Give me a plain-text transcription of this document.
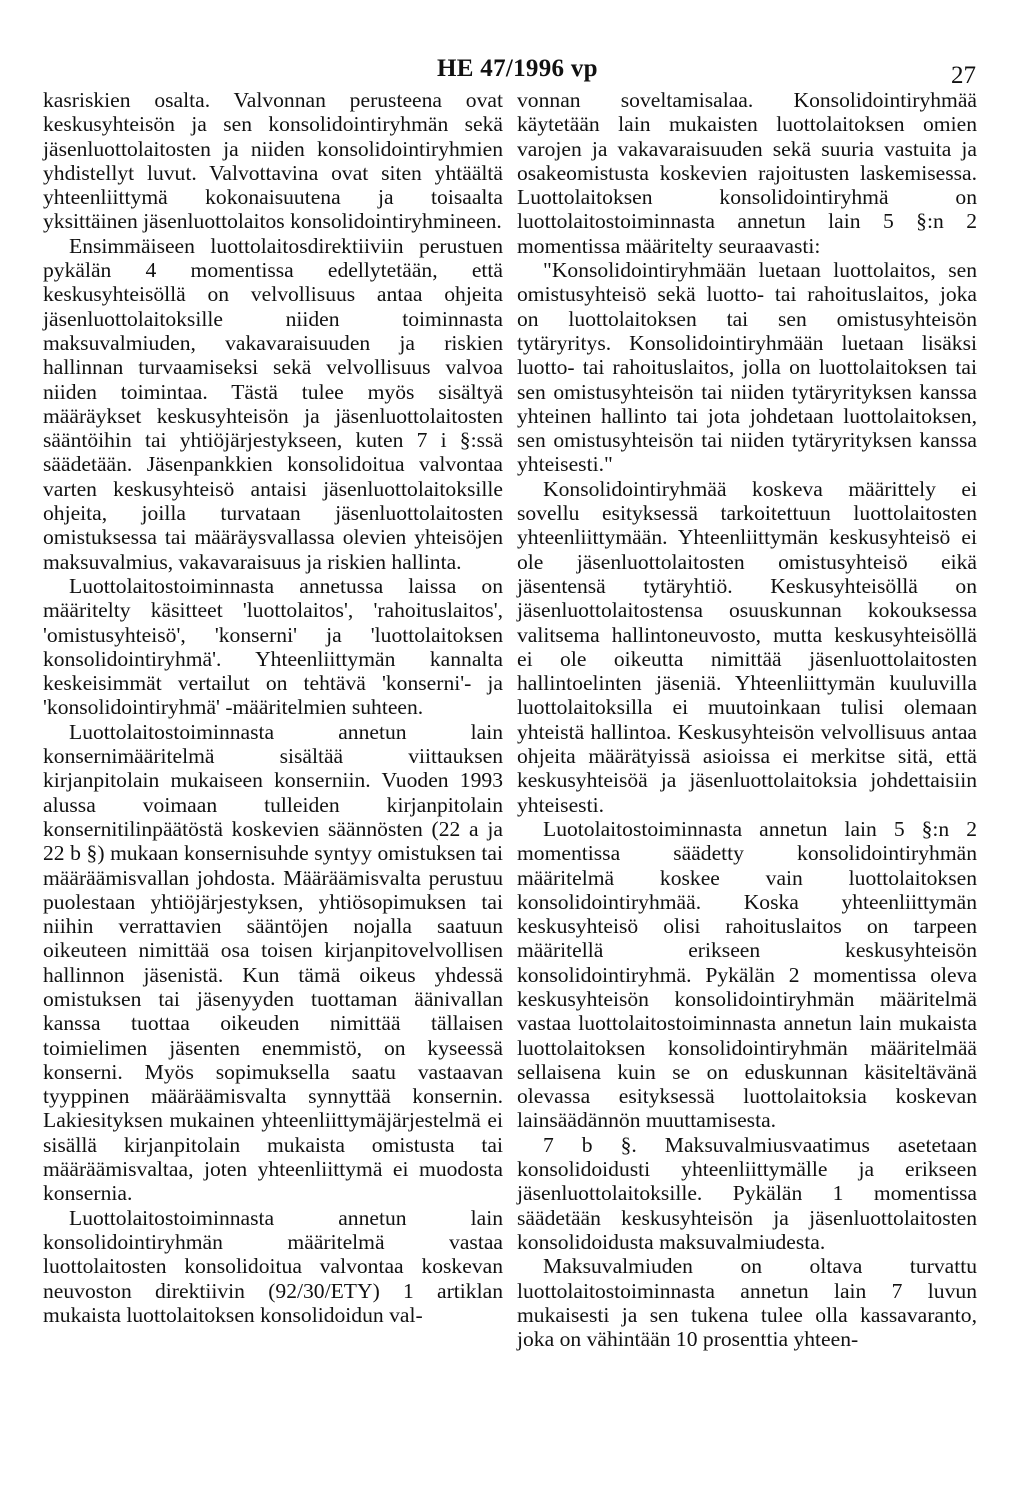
HE 47/1996 vp	27

kasriskien osalta. Valvonnan perusteena ovat keskusyhteisön ja sen konsolidointiryhmän sekä jäsenluottolaitosten ja niiden konsolidointiryhmien yhdistellyt luvut. Valvottavina ovat siten yhtäältä yhteenliittymä kokonaisuutena ja toisaalta yksittäinen jäsenluottolaitos konsolidointiryhmineen.

Ensimmäiseen luottolaitosdirektiiviin perustuen pykälän 4 momentissa edellytetään, että keskusyhteisöllä on velvollisuus antaa ohjeita jäsenluottolaitoksille niiden toiminnasta maksuvalmiuden, vakavaraisuuden ja riskien hallinnan turvaamiseksi sekä velvollisuus valvoa niiden toimintaa. Tästä tulee myös sisältyä määräykset keskusyhteisön ja jäsenluottolaitosten sääntöihin tai yhtiöjärjestykseen, kuten 7 i §:ssä säädetään. Jäsenpankkien konsolidoitua valvontaa varten keskusyhteisö antaisi jäsenluottolaitoksille ohjeita, joilla turvataan jäsenluottolaitosten omistuksessa tai määräysvallassa olevien yhteisöjen maksuvalmius, vakavaraisuus ja riskien hallinta.

Luottolaitostoiminnasta annetussa laissa on määritelty käsitteet 'luottolaitos', 'rahoituslaitos', 'omistusyhteisö', 'konserni' ja 'luottolaitoksen konsolidointiryhmä'. Yhteenliittymän kannalta keskeisimmät vertailut on tehtävä 'konserni'- ja 'konsolidointiryhmä' -määritelmien suhteen.

Luottolaitostoiminnasta annetun lain konsernimääritelmä sisältää viittauksen kirjanpitolain mukaiseen konserniin. Vuoden 1993 alussa voimaan tulleiden kirjanpitolain konsernitilinpäätöstä koskevien säännösten (22 a ja 22 b §) mukaan konsernisuhde syntyy omistuksen tai määräämisvallan johdosta. Määräämisvalta perustuu puolestaan yhtiöjärjestyksen, yhtiösopimuksen tai niihin verrattavien sääntöjen nojalla saatuun oikeuteen nimittää osa toisen kirjanpitovelvollisen hallinnon jäsenistä. Kun tämä oikeus yhdessä omistuksen tai jäsenyyden tuottaman äänivallan kanssa tuottaa oikeuden nimittää tällaisen toimielimen jäsenten enemmistö, on kyseessä konserni. Myös sopimuksella saatu vastaavan tyyppinen määräämisvalta synnyttää konsernin. Lakiesityksen mukainen yhteenliittymäjärjestelmä ei sisällä kirjanpitolain mukaista omistusta tai määräämisvaltaa, joten yhteenliittymä ei muodosta konsernia.

Luottolaitostoiminnasta annetun lain konsolidointiryhmän määritelmä vastaa luottolaitosten konsolidoitua valvontaa koskevan neuvoston direktiivin (92/30/ETY) 1 artiklan mukaista luottolaitoksen konsolidoidun val-

vonnan soveltamisalaa. Konsolidointiryhmää käytetään lain mukaisten luottolaitoksen omien varojen ja vakavaraisuuden sekä suuria vastuita ja osakeomistusta koskevien rajoitusten laskemisessa. Luottolaitoksen konsolidointiryhmä on luottolaitostoiminnasta annetun lain 5 §:n 2 momentissa määritelty seuraavasti:

"Konsolidointiryhmään luetaan luottolaitos, sen omistusyhteisö sekä luotto- tai rahoituslaitos, joka on luottolaitoksen tai sen omistusyhteisön tytäryritys. Konsolidointiryhmään luetaan lisäksi luotto- tai rahoituslaitos, jolla on luottolaitoksen tai sen omistusyhteisön tai niiden tytäryrityksen kanssa yhteinen hallinto tai jota johdetaan luottolaitoksen, sen omistusyhteisön tai niiden tytäryrityksen kanssa yhteisesti."

Konsolidointiryhmää koskeva määrittely ei sovellu esityksessä tarkoitettuun luottolaitosten yhteenliittymään. Yhteenliittymän keskusyhteisö ei ole jäsenluottolaitosten omistusyhteisö eikä jäsentensä tytäryhtiö. Keskusyhteisöllä on jäsenluottolaitostensa osuuskunnan kokouksessa valitsema hallintoneuvosto, mutta keskusyhteisöllä ei ole oikeutta nimittää jäsenluottolaitosten hallintoelinten jäseniä. Yhteenliittymän kuuluvilla luottolaitoksilla ei muutoinkaan tulisi olemaan yhteistä hallintoa. Keskusyhteisön velvollisuus antaa ohjeita määrätyissä asioissa ei merkitse sitä, että keskusyhteisöä ja jäsenluottolaitoksia johdettaisiin yhteisesti.

Luotolaitostoiminnasta annetun lain 5 §:n 2 momentissa säädetty konsolidointiryhmän määritelmä koskee vain luottolaitoksen konsolidointiryhmää. Koska yhteenliittymän keskusyhteisö olisi rahoituslaitos on tarpeen määritellä erikseen keskusyhteisön konsolidointiryhmä. Pykälän 2 momentissa oleva keskusyhteisön konsolidointiryhmän määritelmä vastaa luottolaitostoiminnasta annetun lain mukaista luottolaitoksen konsolidointiryhmän määritelmää sellaisena kuin se on eduskunnan käsiteltävänä olevassa esityksessä luottolaitoksia koskevan lainsäädännön muuttamisesta.

7 b §. Maksuvalmiusvaatimus asetetaan konsolidoidusti yhteenliittymälle ja erikseen jäsenluottolaitoksille. Pykälän 1 momentissa säädetään keskusyhteisön ja jäsenluottolaitosten konsolidoidusta maksuvalmiudesta.

Maksuvalmiuden on oltava turvattu luottolaitostoiminnasta annetun lain 7 luvun mukaisesti ja sen tukena tulee olla kassavaranto, joka on vähintään 10 prosenttia yhteen-
